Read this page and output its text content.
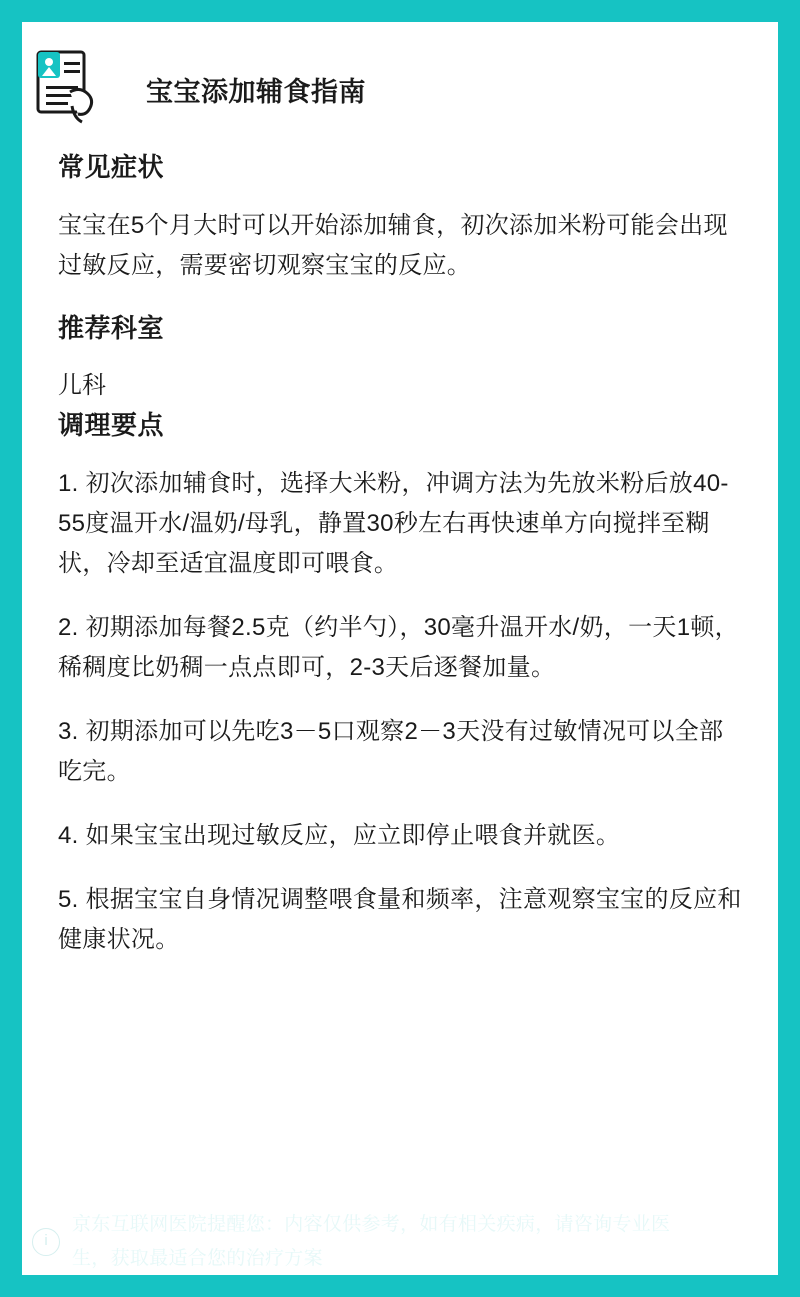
宝宝添加辅食指南
常见症状

宝宝在5个月大时可以开始添加辅食，初次添加米粉可能会出现过敏反应，需要密切观察宝宝的反应。

推荐科室

儿科

调理要点

1. 初次添加辅食时，选择大米粉，冲调方法为先放米粉后放40-55度温开水/温奶/母乳，静置30秒左右再快速单方向搅拌至糊状，冷却至适宜温度即可喂食。

2. 初期添加每餐2.5克（约半勺），30毫升温开水/奶，一天1顿，稀稠度比奶稠一点点即可，2-3天后逐餐加量。

3. 初期添加可以先吃3－5口观察2－3天没有过敏情况可以全部吃完。

4. 如果宝宝出现过敏反应，应立即停止喂食并就医。

5. 根据宝宝自身情况调整喂食量和频率，注意观察宝宝的反应和健康状况。

i
京东互联网医院提醒您：内容仅供参考，如有相关疾病，请咨询专业医生，获取最适合您的治疗方案
